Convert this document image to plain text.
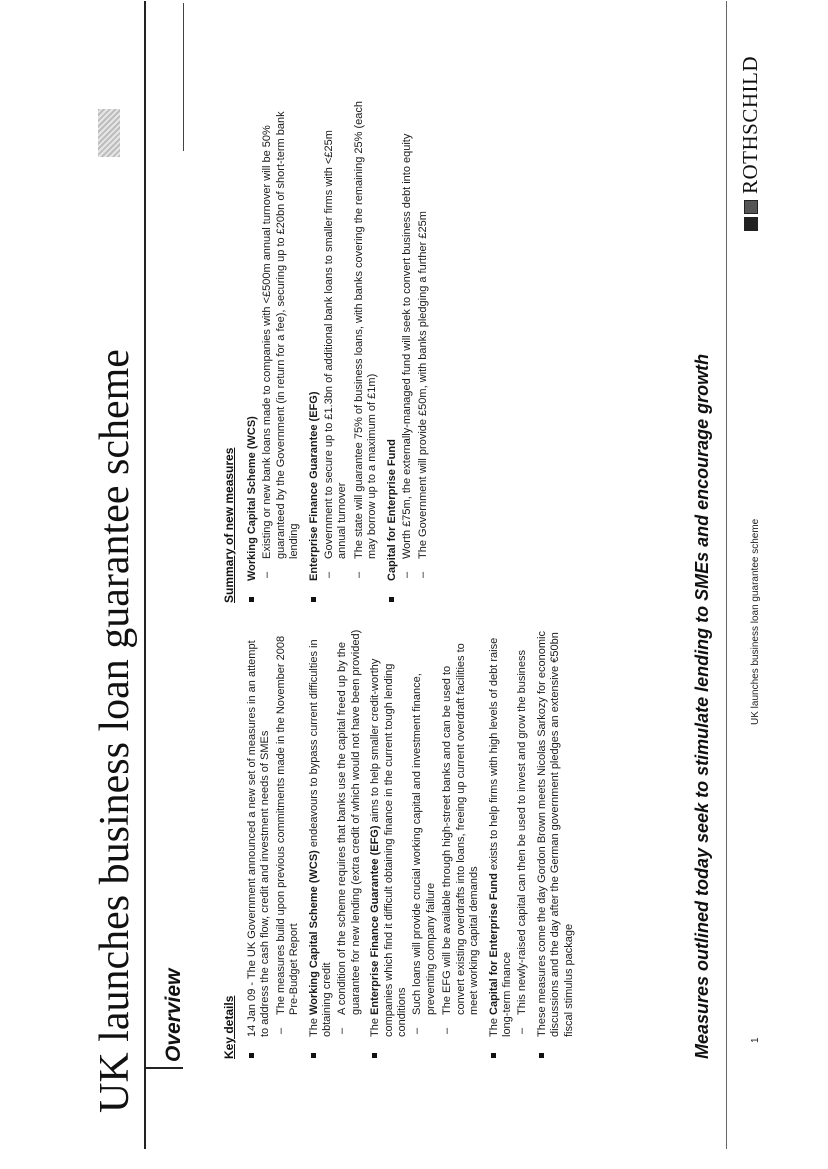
UK launches business loan guarantee scheme Overview	Key details
Summary of new measures
14 Jan 09 - The UK Government announced a new set of measures in an attempt to address the cash flow, credit and investment needs of SMEs –
The measures build upon previous commitments made in the November 2008 Pre-Budget Report
The Working Capital Scheme (WCS) endeavours to bypass current difficulties in obtaining credit –
A condition of the scheme requires that banks use the capital freed up by the guarantee for new lending (extra credit of which would not have been provided)
The Enterprise Finance Guarantee (EFG) aims to help smaller credit-worthy companies which find it difficult obtaining finance in the current tough lending conditions –
Such loans will provide crucial working capital and investment finance, preventing company failure
–
The EFG will be available through high-street banks and can be used to convert existing overdrafts into loans, freeing up current overdraft facilities to meet working capital demands
The Capital for Enterprise Fund exists to help firms with high levels of debt raise long-term finance –
This newly-raised capital can then be used to invest and grow the business These measures come the day Gordon Brown meets Nicolas Sarkozy for economic discussions and the day after the German government pledges an extensive €50bn fiscal stimulus package
Working Capital Scheme (WCS) –
Existing or new bank loans made to companies with <£500m annual turnover will be 50% guaranteed by the Government (in return for a fee), securing up to £20bn of short-term bank lending Enterprise Finance Guarantee (EFG) –
Government to secure up to £1.3bn of additional bank loans to smaller firms with <£25m annual turnover
–
The state will guarantee 75% of business loans, with banks covering the remaining 25% (each may borrow up to a maximum of £1m) Capital for Enterprise Fund –
Worth £75m, the externally-managed fund will seek to convert business debt into equity
–
The Government will provide £50m, with banks pledging a further £25m	Measures outlined today seek to stimulate lending to SMEs and encourage growth	1
UK launches business loan guarantee scheme
ROTHSCHILD
